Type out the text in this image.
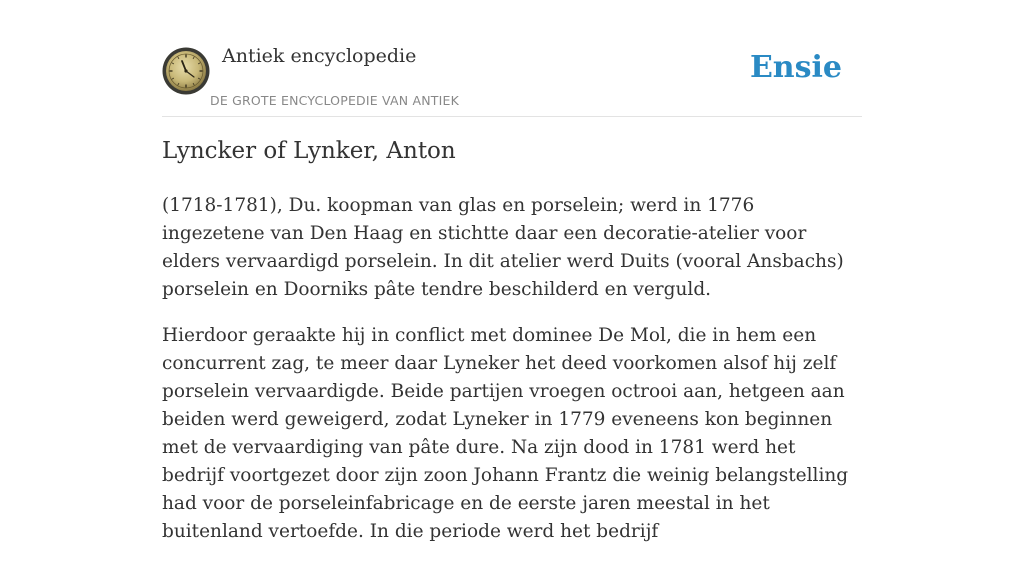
Antiek encyclopedie
DE GROTE ENCYCLOPEDIE VAN ANTIEK
Ensie
Lyncker of Lynker, Anton

(1718-1781), Du. koopman van glas en porselein; werd in 1776 ingezetene van Den Haag en stichtte daar een decoratie-atelier voor elders vervaardigd porselein. In dit atelier werd Duits (vooral Ansbachs) porselein en Doorniks pâte tendre beschilderd en verguld.

Hierdoor geraakte hij in conflict met dominee De Mol, die in hem een concurrent zag, te meer daar Lyneker het deed voorkomen alsof hij zelf porselein vervaardigde. Beide partijen vroegen octrooi aan, hetgeen aan beiden werd geweigerd, zodat Lyneker in 1779 eveneens kon beginnen met de vervaardiging van pâte dure. Na zijn dood in 1781 werd het bedrijf voortgezet door zijn zoon Johann Frantz die weinig belangstelling had voor de porseleinfabricage en de eerste jaren meestal in het buitenland vertoefde. In die periode werd het bedrijf
